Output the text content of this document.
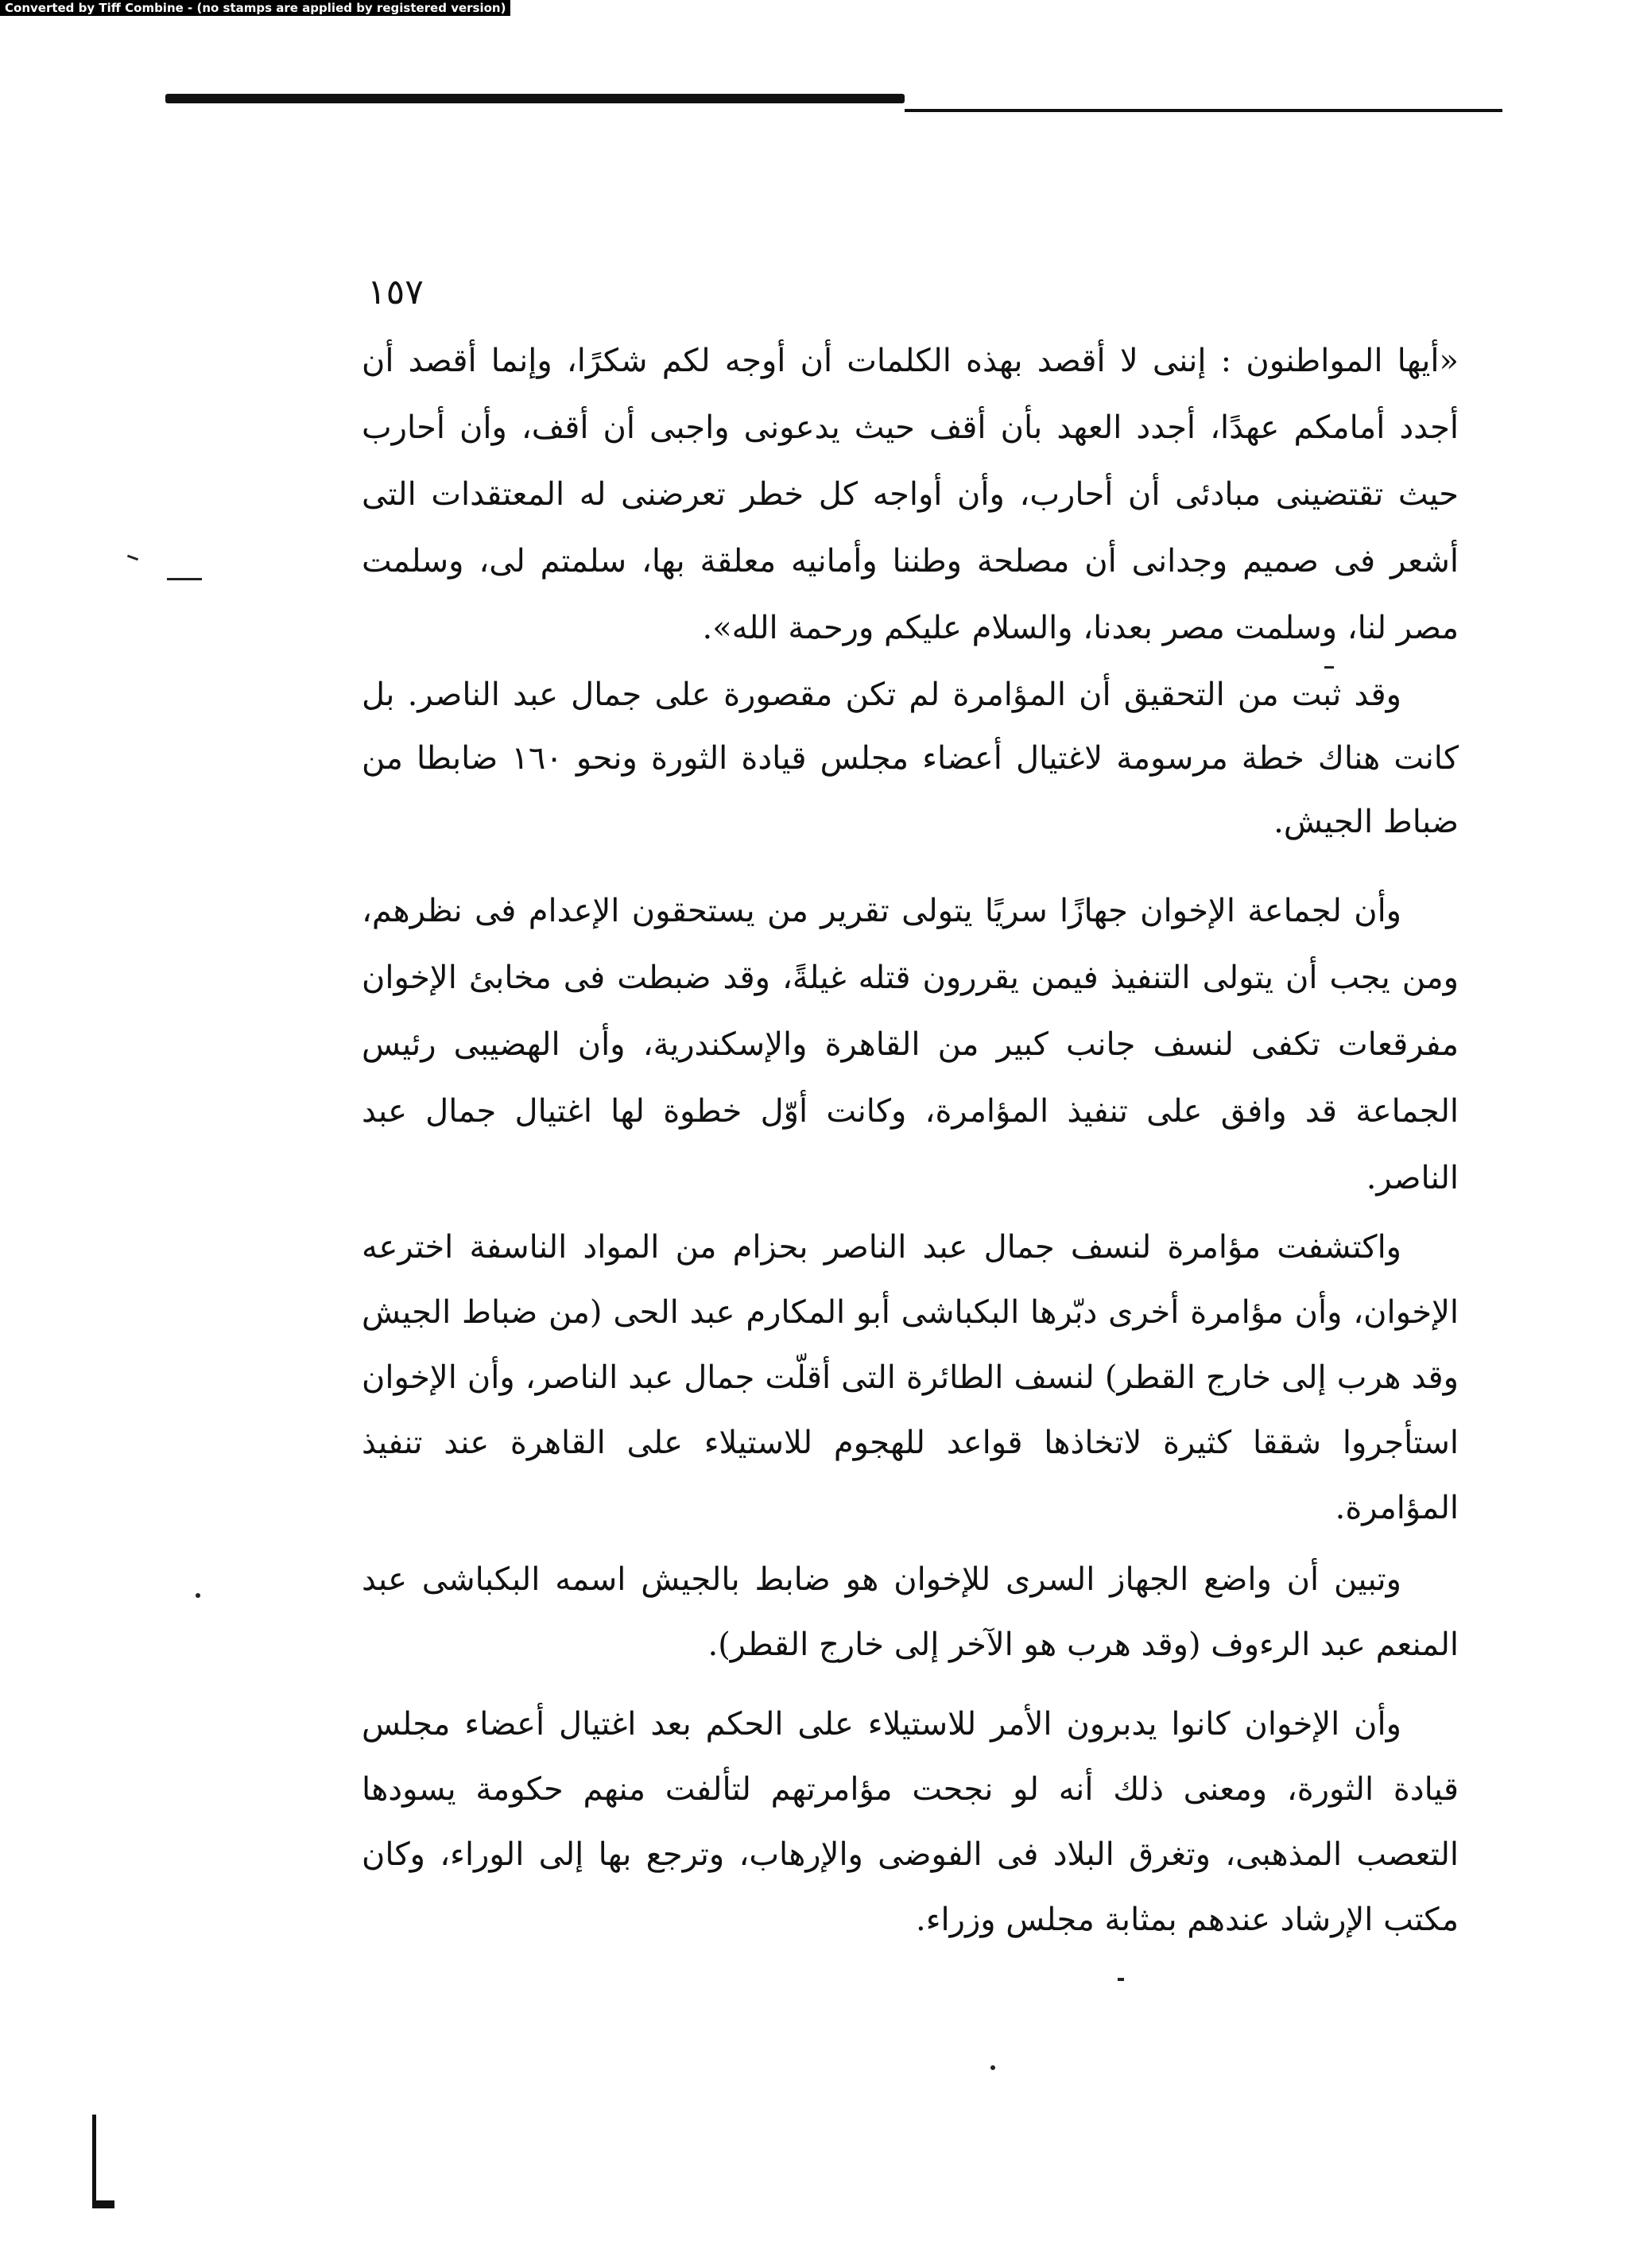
Converted by Tiff Combine - (no stamps are applied by registered version)
١٥٧

«أيها المواطنون : إننى لا أقصد بهذه الكلمات أن أوجه لكم شكرًا، وإنما أقصد أن أجدد أمامكم عهدًا، أجدد العهد بأن أقف حيث يدعونى واجبى أن أقف، وأن أحارب حيث تقتضينى مبادئى أن أحارب، وأن أواجه كل خطر تعرضنى له المعتقدات التى أشعر فى صميم وجدانى أن مصلحة وطننا وأمانيه معلقة بها، سلمتم لى، وسلمت مصر لنا، وسلمت مصر بعدنا، والسلام عليكم ورحمة الله».

وقد ثبت من التحقيق أن المؤامرة لم تكن مقصورة على جمال عبد الناصر. بل كانت هناك خطة مرسومة لاغتيال أعضاء مجلس قيادة الثورة ونحو ١٦٠ ضابطا من ضباط الجيش.

وأن لجماعة الإخوان جهازًا سريًا يتولى تقرير من يستحقون الإعدام فى نظرهم، ومن يجب أن يتولى التنفيذ فيمن يقررون قتله غيلةً، وقد ضبطت فى مخابئ الإخوان مفرقعات تكفى لنسف جانب كبير من القاهرة والإسكندرية، وأن الهضيبى رئيس الجماعة قد وافق على تنفيذ المؤامرة، وكانت أوّل خطوة لها اغتيال جمال عبد الناصر.

واكتشفت مؤامرة لنسف جمال عبد الناصر بحزام من المواد الناسفة اخترعه الإخوان، وأن مؤامرة أخرى دبّرها البكباشى أبو المكارم عبد الحى (من ضباط الجيش وقد هرب إلى خارج القطر) لنسف الطائرة التى أقلّت جمال عبد الناصر، وأن الإخوان استأجروا شققا كثيرة لاتخاذها قواعد للهجوم للاستيلاء على القاهرة عند تنفيذ المؤامرة.

وتبين أن واضع الجهاز السرى للإخوان هو ضابط بالجيش اسمه البكباشى عبد المنعم عبد الرءوف (وقد هرب هو الآخر إلى خارج القطر).

وأن الإخوان كانوا يدبرون الأمر للاستيلاء على الحكم بعد اغتيال أعضاء مجلس قيادة الثورة، ومعنى ذلك أنه لو نجحت مؤامرتهم لتألفت منهم حكومة يسودها التعصب المذهبى، وتغرق البلاد فى الفوضى والإرهاب، وترجع بها إلى الوراء، وكان مكتب الإرشاد عندهم بمثابة مجلس وزراء.
